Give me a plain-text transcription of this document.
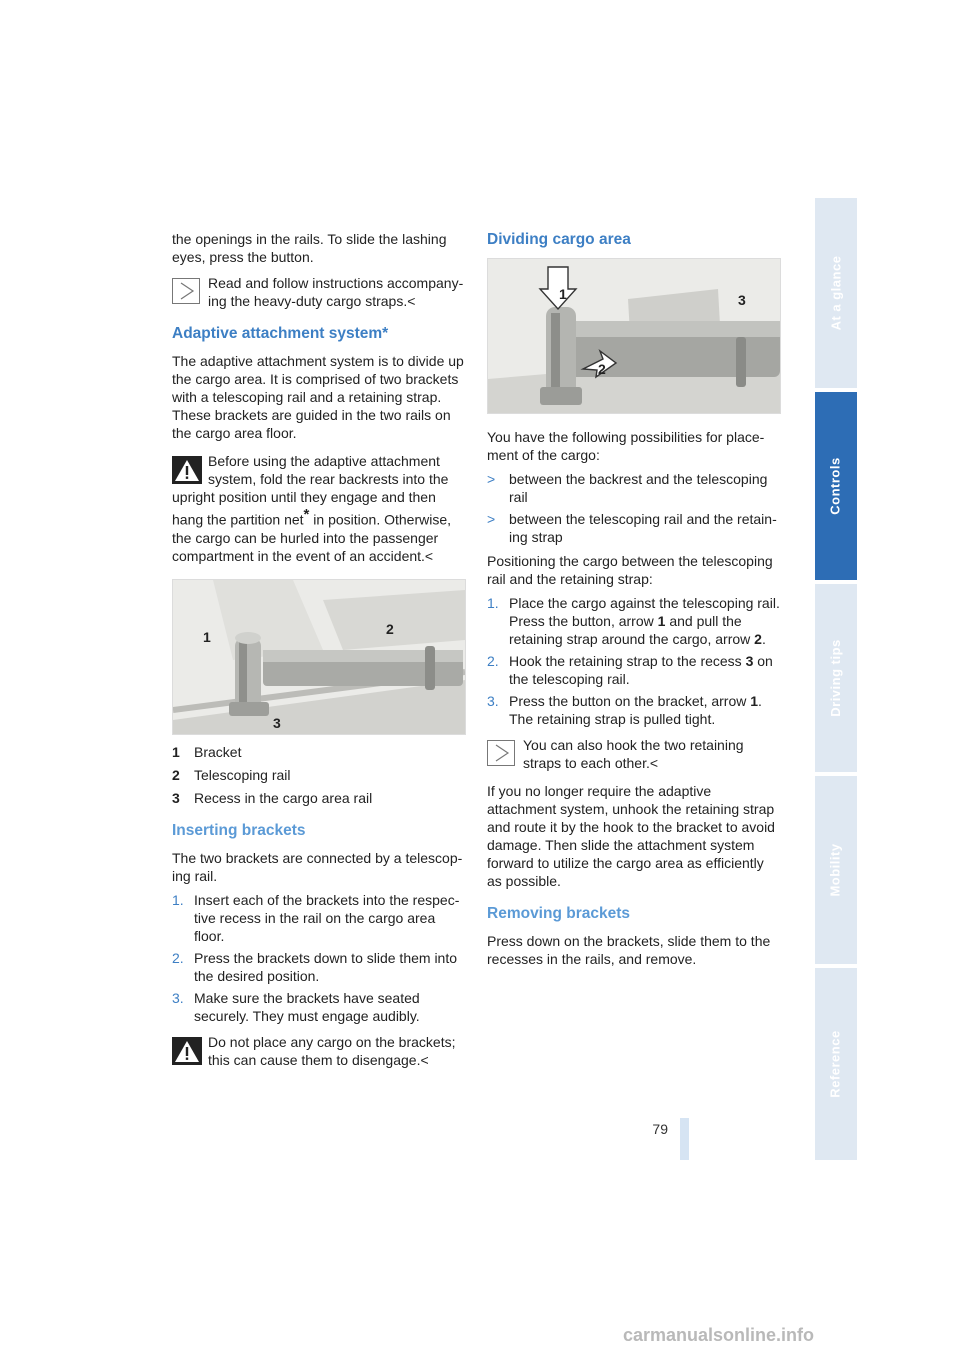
the openings in the rails. To slide the lashing eyes, press the button.

Read and follow instructions accompany-ing the heavy-duty cargo straps.<
Adaptive attachment system*

The adaptive attachment system is to divide up the cargo area. It is comprised of two brackets with a telescoping rail and a retaining strap. These brackets are guided in the two rails on the cargo area floor.

Before using the adaptive attachment system, fold the rear backrests into the upright position until they engage and then hang the partition net* in position. Otherwise, the cargo can be hurled into the passenger compartment in the event of an accident.<
1	2
3
1 Bracket
2 Telescoping rail
3 Recess in the cargo area rail
Inserting brackets

The two brackets are connected by a telescop-ing rail.

1. Insert each of the brackets into the respec-tive recess in the rail on the cargo area floor.
2. Press the brackets down to slide them into the desired position.
3. Make sure the brackets have seated securely. They must engage audibly.
Do not place any cargo on the brackets; this can cause them to disengage.<
Dividing cargo area
1
2
3

You have the following possibilities for place-ment of the cargo:

> between the backrest and the telescoping rail
> between the telescoping rail and the retain-ing strap

Positioning the cargo between the telescoping rail and the retaining strap:

1. Place the cargo against the telescoping rail. Press the button, arrow 1 and pull the retaining strap around the cargo, arrow 2.
2. Hook the retaining strap to the recess 3 on the telescoping rail.
3. Press the button on the bracket, arrow 1. The retaining strap is pulled tight.
You can also hook the two retaining straps to each other.<

If you no longer require the adaptive attachment system, unhook the retaining strap and route it by the hook to the bracket to avoid damage. Then slide the attachment system forward to utilize the cargo area as efficiently as possible.

Removing brackets

Press down on the brackets, slide them to the recesses in the rails, and remove.

At a glance
Controls
Driving tips
Mobility
Reference
79
carmanualsonline.info
